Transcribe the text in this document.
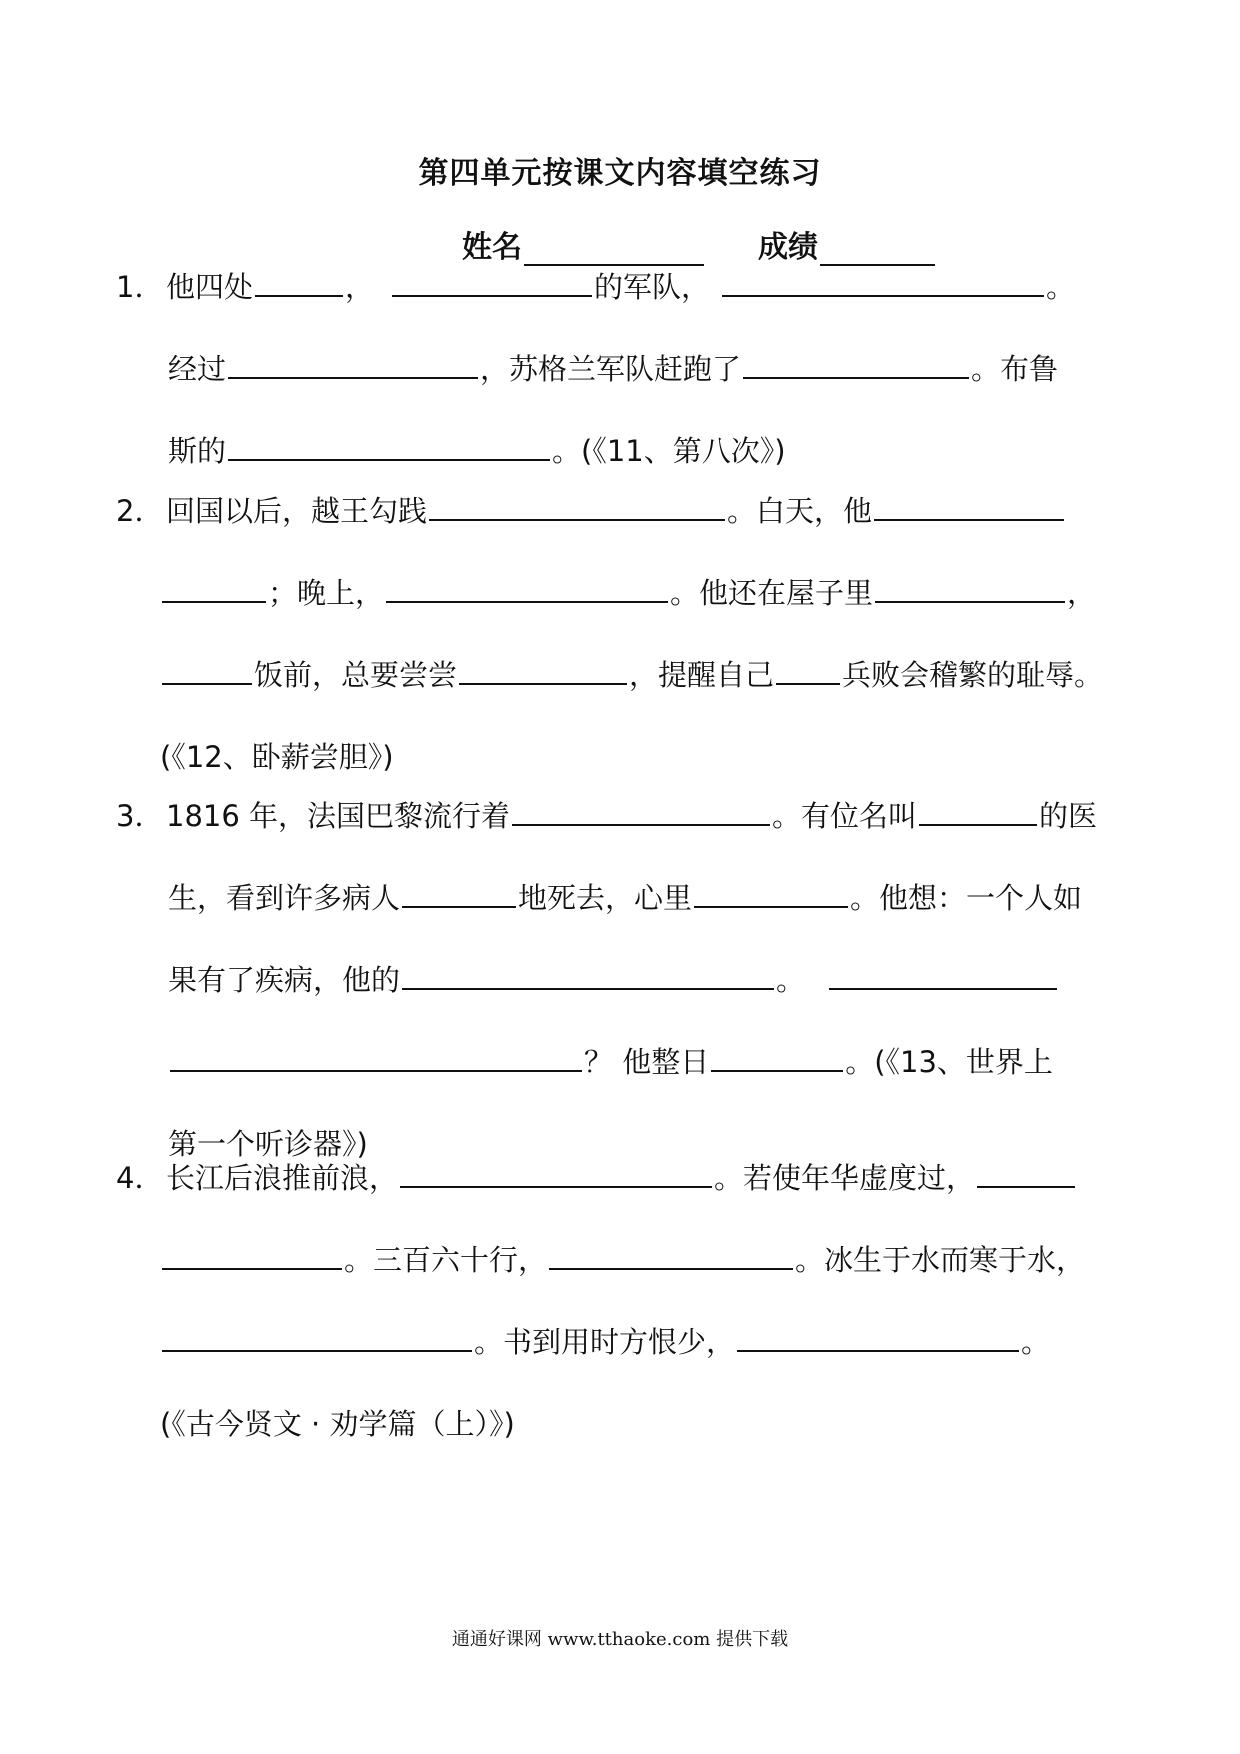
第四单元按课文内容填空练习
姓名	成绩
1． 他四处	，	的军队，	。
经过	，苏格兰军队赶跑了	。布鲁
斯的	。(《11、第八次》)
2． 回国以后，越王勾践	。白天，他
；晚上，	。他还在屋子里	，
饭前，总要尝尝	，提醒自己 兵败会稽繁的耻辱。
(《12、卧薪尝胆》)
3． 1816 年，法国巴黎流行着	。有位名叫	的医
生，看到许多病人	地死去，心里	。他想：一个人如
果有了疾病，他的	。
？ 他整日	。(《13、世界上
第一个听诊器》)
4． 长江后浪推前浪，	。若使年华虚度过，
。三百六十行，	。冰生于水而寒于水，
。书到用时方恨少，	。
(《古今贤文 · 劝学篇（上）》)
通通好课网 www.tthaoke.com 提供下载
